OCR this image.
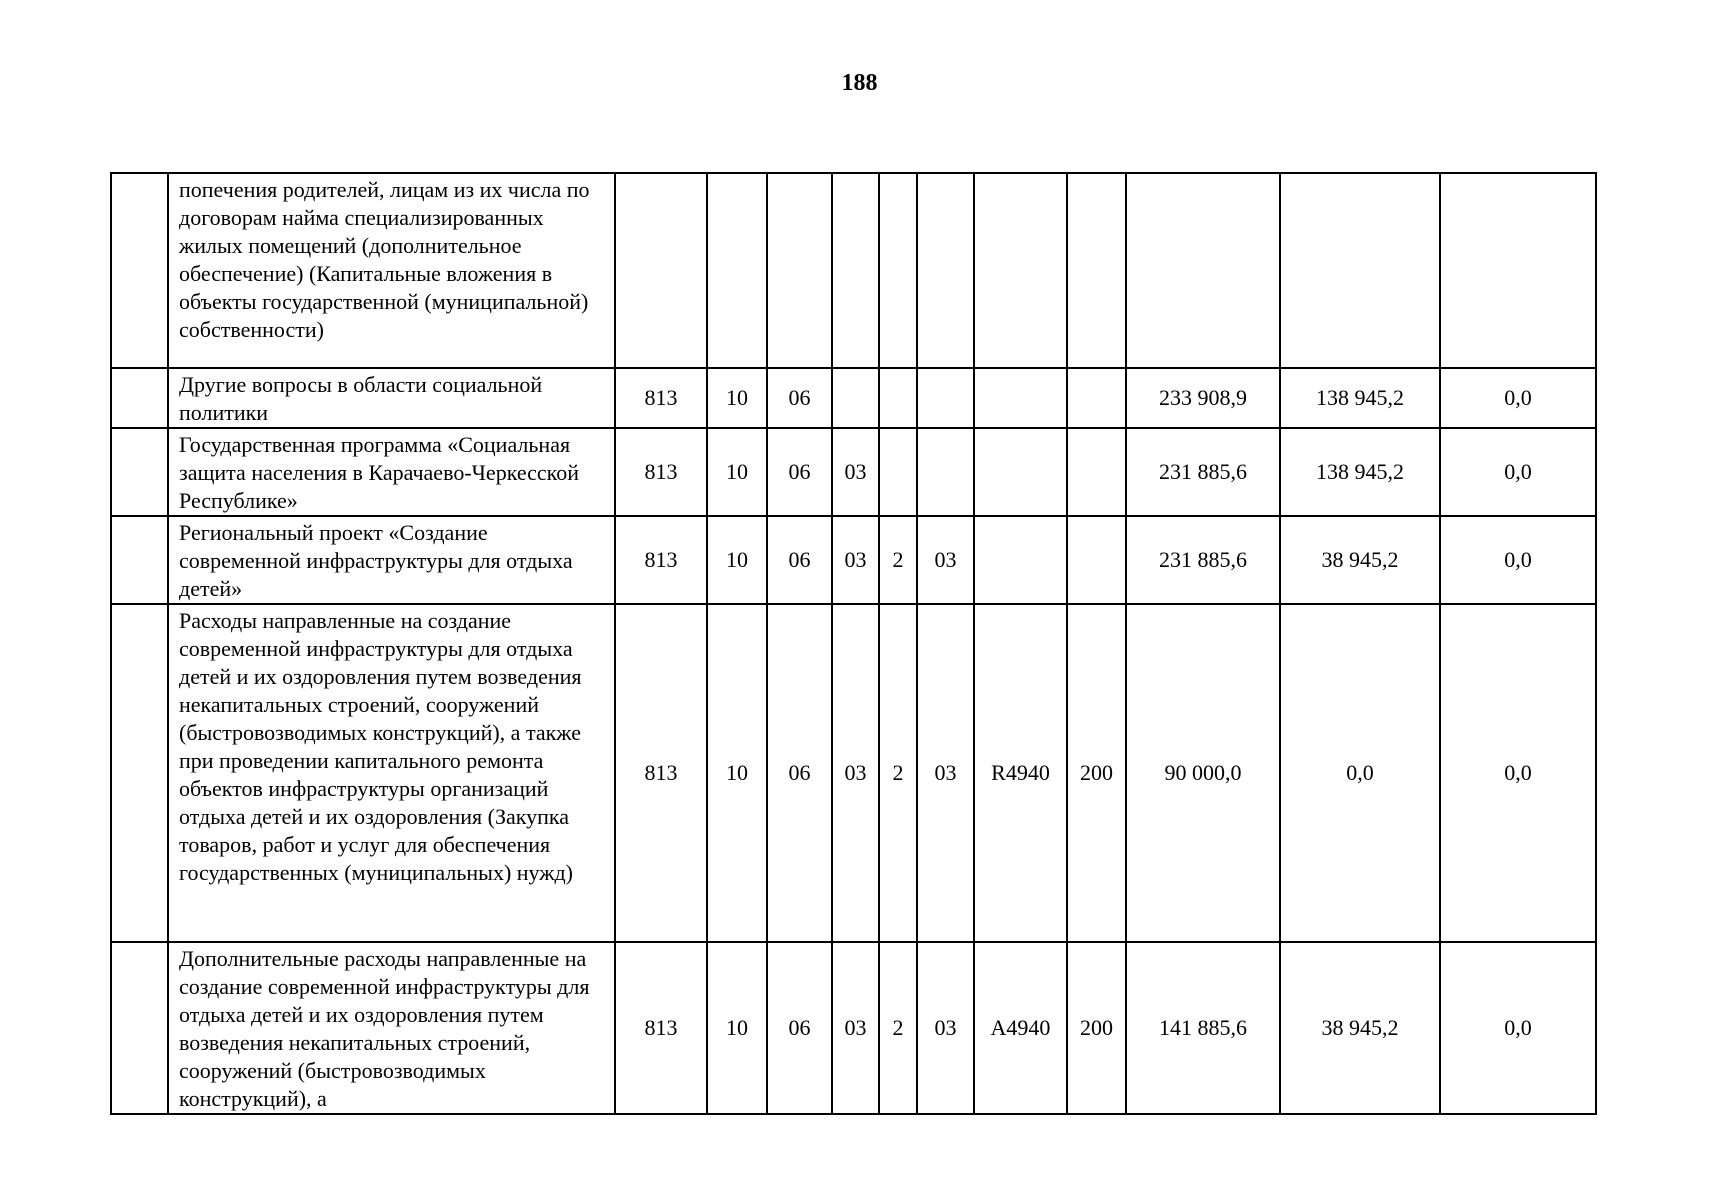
188
	попечения родителей, лицам из их числа по договорам найма специализированных жилых помещений (дополнительное обеспечение) (Капитальные вложения в объекты государственной (муниципальной) собственности)											
	Другие вопросы в области социальной политики	813	10	06						233 908,9	138 945,2	0,0
	Государственная программа «Социальная защита населения в Карачаево-Черкесской Республике»	813	10	06	03					231 885,6	138 945,2	0,0
	Региональный проект «Создание современной инфраструктуры для отдыха детей»	813	10	06	03	2	03			231 885,6	38 945,2	0,0
	Расходы направленные на создание современной инфраструктуры для отдыха детей и их оздоровления путем возведения некапитальных строений, сооружений (быстровозводимых конструкций), а также при проведении капитального ремонта объектов инфраструктуры организаций отдыха детей и их оздоровления (Закупка товаров, работ и услуг для обеспечения государственных (муниципальных) нужд)	813	10	06	03	2	03	R4940	200	90 000,0	0,0	0,0
	Дополнительные расходы направленные на создание современной инфраструктуры для отдыха детей и их оздоровления путем возведения некапитальных строений, сооружений (быстровозводимых конструкций), а	813	10	06	03	2	03	A4940	200	141 885,6	38 945,2	0,0
